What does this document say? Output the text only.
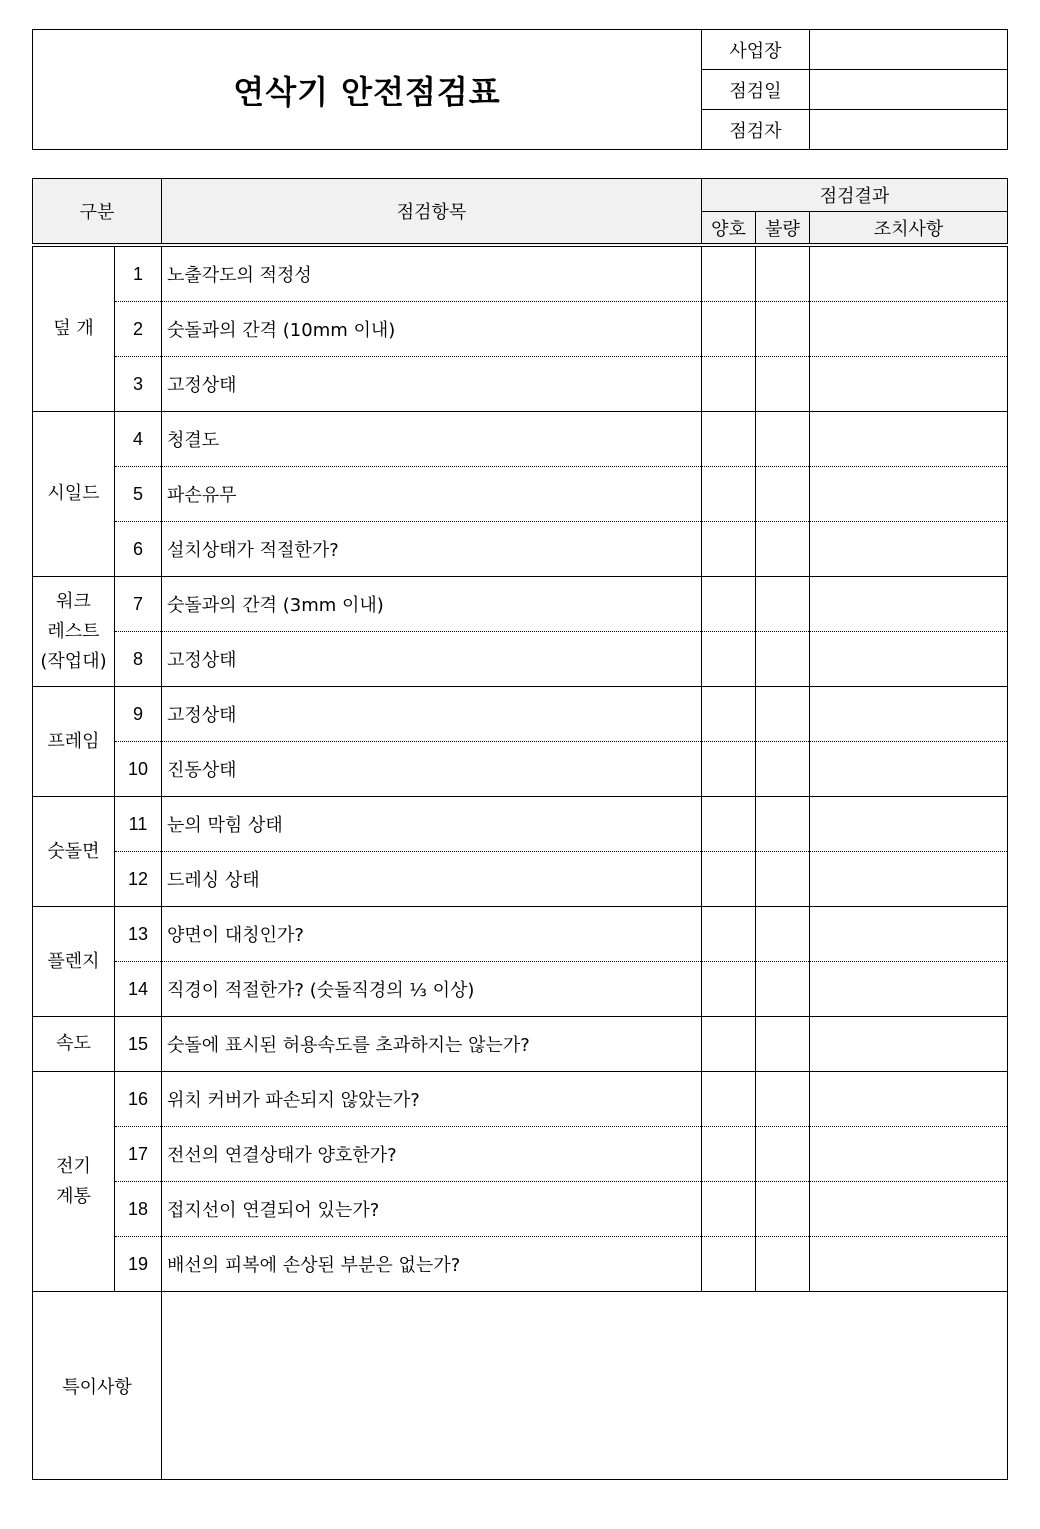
연삭기 안전점검표	사업장	
	점검일	
	점검자	
구분		점검항목	점검결과		
			양호	불량	조치사항

덮 개	1	노출각도의 적정성			
	2	숫돌과의 간격 (10mm 이내)			
	3	고정상태			

시일드	4	청결도			
	5	파손유무			
	6	설치상태가 적절한가?			

워크
레스트
(작업대)	7	숫돌과의 간격 (3mm 이내)			
	8	고정상태			

프레임	9	고정상태			
	10	진동상태			

숫돌면	11	눈의 막힘 상태			
	12	드레싱 상태			

플렌지	13	양면이 대칭인가?			
	14	직경이 적절한가? (숫돌직경의 ⅓ 이상)			

속도	15	숫돌에 표시된 허용속도를 초과하지는 않는가?			

전기
계통	16	위치 커버가 파손되지 않았는가?			
	17	전선의 연결상태가 양호한가?			
	18	접지선이 연결되어 있는가?			
	19	배선의 피복에 손상된 부분은 없는가?			
특이사항					
